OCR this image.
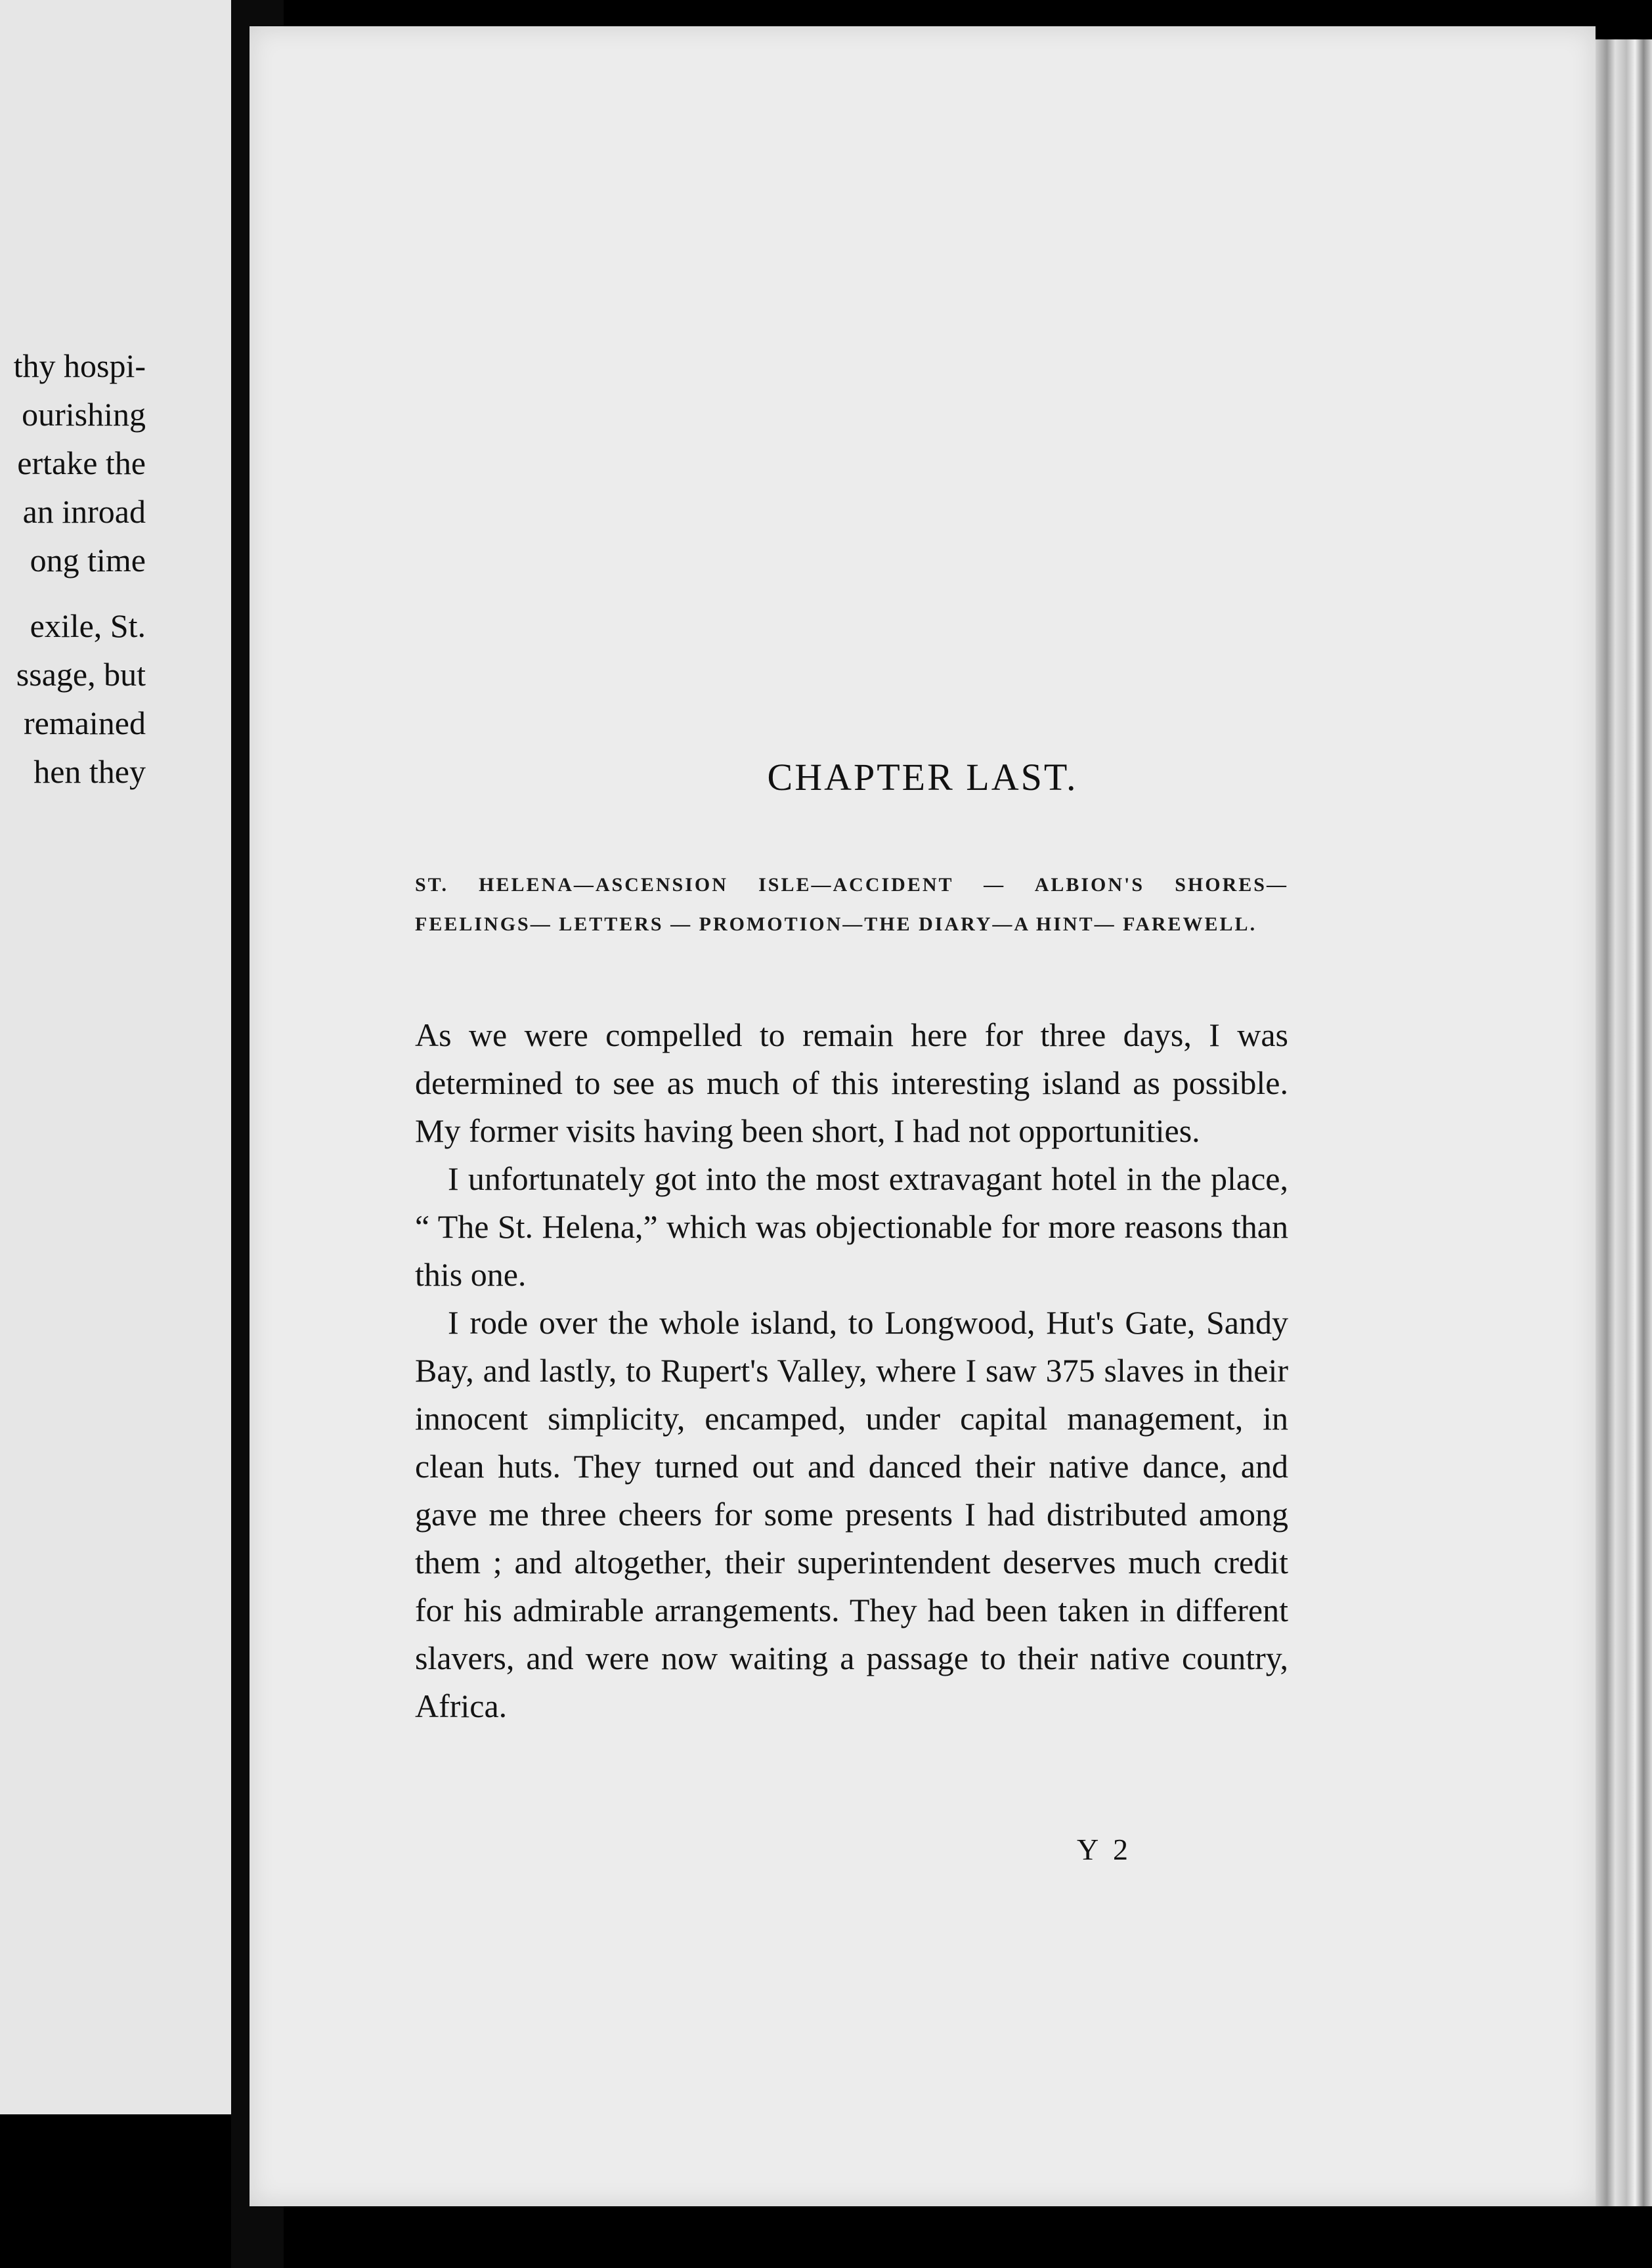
thy hospi-
ourishing
ertake the
an inroad
ong time
exile, St.
ssage, but
remained
hen they	CHAPTER LAST.
ST. HELENA—ASCENSION ISLE—ACCIDENT — ALBION'S SHORES— FEELINGS— LETTERS — PROMOTION—THE DIARY—A HINT— FAREWELL.

As we were compelled to remain here for three days, I was determined to see as much of this interesting island as possible. My former visits having been short, I had not opportunities.

I unfortunately got into the most extravagant hotel in the place, “ The St. Helena,” which was objectionable for more reasons than this one.

I rode over the whole island, to Longwood, Hut's Gate, Sandy Bay, and lastly, to Rupert's Valley, where I saw 375 slaves in their innocent simplicity, encamped, under capital management, in clean huts. They turned out and danced their native dance, and gave me three cheers for some presents I had distributed among them ; and altogether, their superintendent deserves much credit for his admirable arrangements. They had been taken in different slavers, and were now waiting a passage to their native country, Africa.

Y 2
